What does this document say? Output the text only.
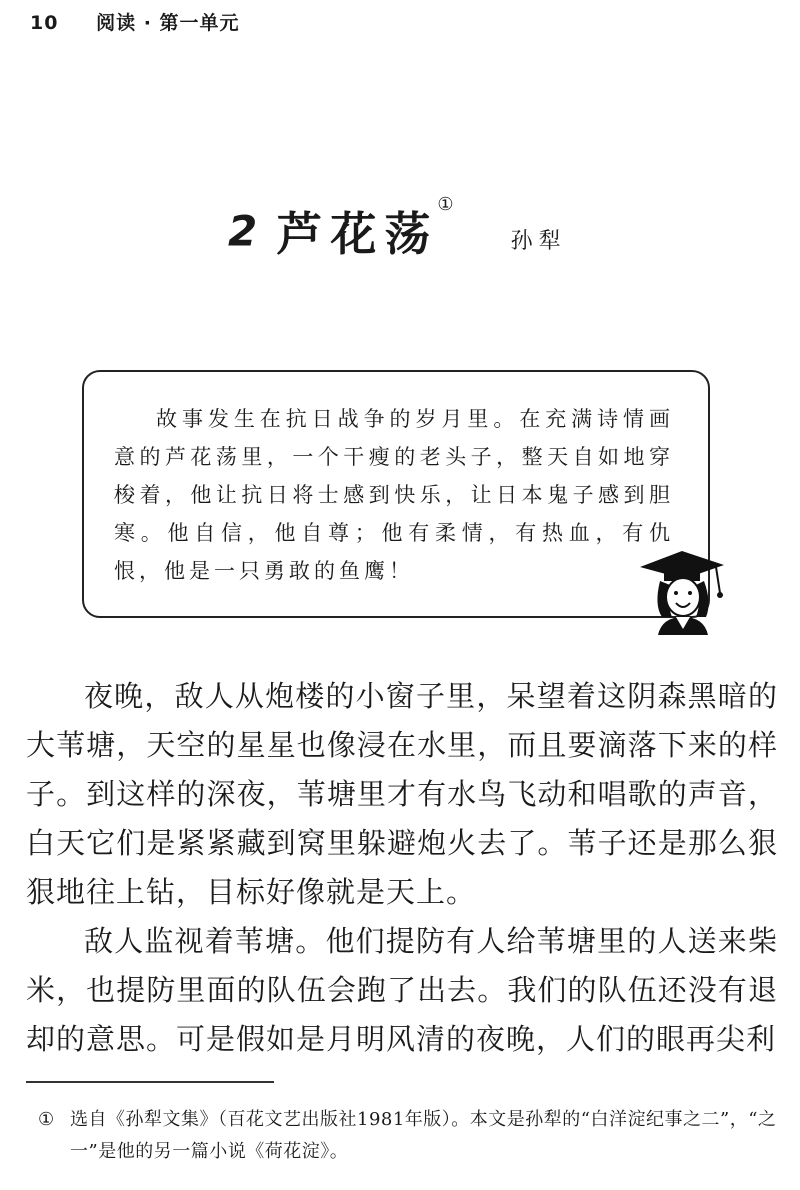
10 阅读 · 第一单元
2 芦花荡 ① 孙犁
故事发生在抗日战争的岁月里。在充满诗情画意的芦花荡里，一个干瘦的老头子，整天自如地穿梭着，他让抗日将士感到快乐，让日本鬼子感到胆寒。他自信，他自尊；他有柔情，有热血，有仇恨，他是一只勇敢的鱼鹰！

夜晚，敌人从炮楼的小窗子里，呆望着这阴森黑暗的大苇塘，天空的星星也像浸在水里，而且要滴落下来的样子。到这样的深夜，苇塘里才有水鸟飞动和唱歌的声音，白天它们是紧紧藏到窝里躲避炮火去了。苇子还是那么狠狠地往上钻，目标好像就是天上。

敌人监视着苇塘。他们提防有人给苇塘里的人送来柴米，也提防里面的队伍会跑了出去。我们的队伍还没有退却的意思。可是假如是月明风清的夜晚，人们的眼再尖利

① 选自《孙犁文集》（百花文艺出版社1981年版）。本文是孙犁的“白洋淀纪事之二”，“之一”是他的另一篇小说《荷花淀》。
